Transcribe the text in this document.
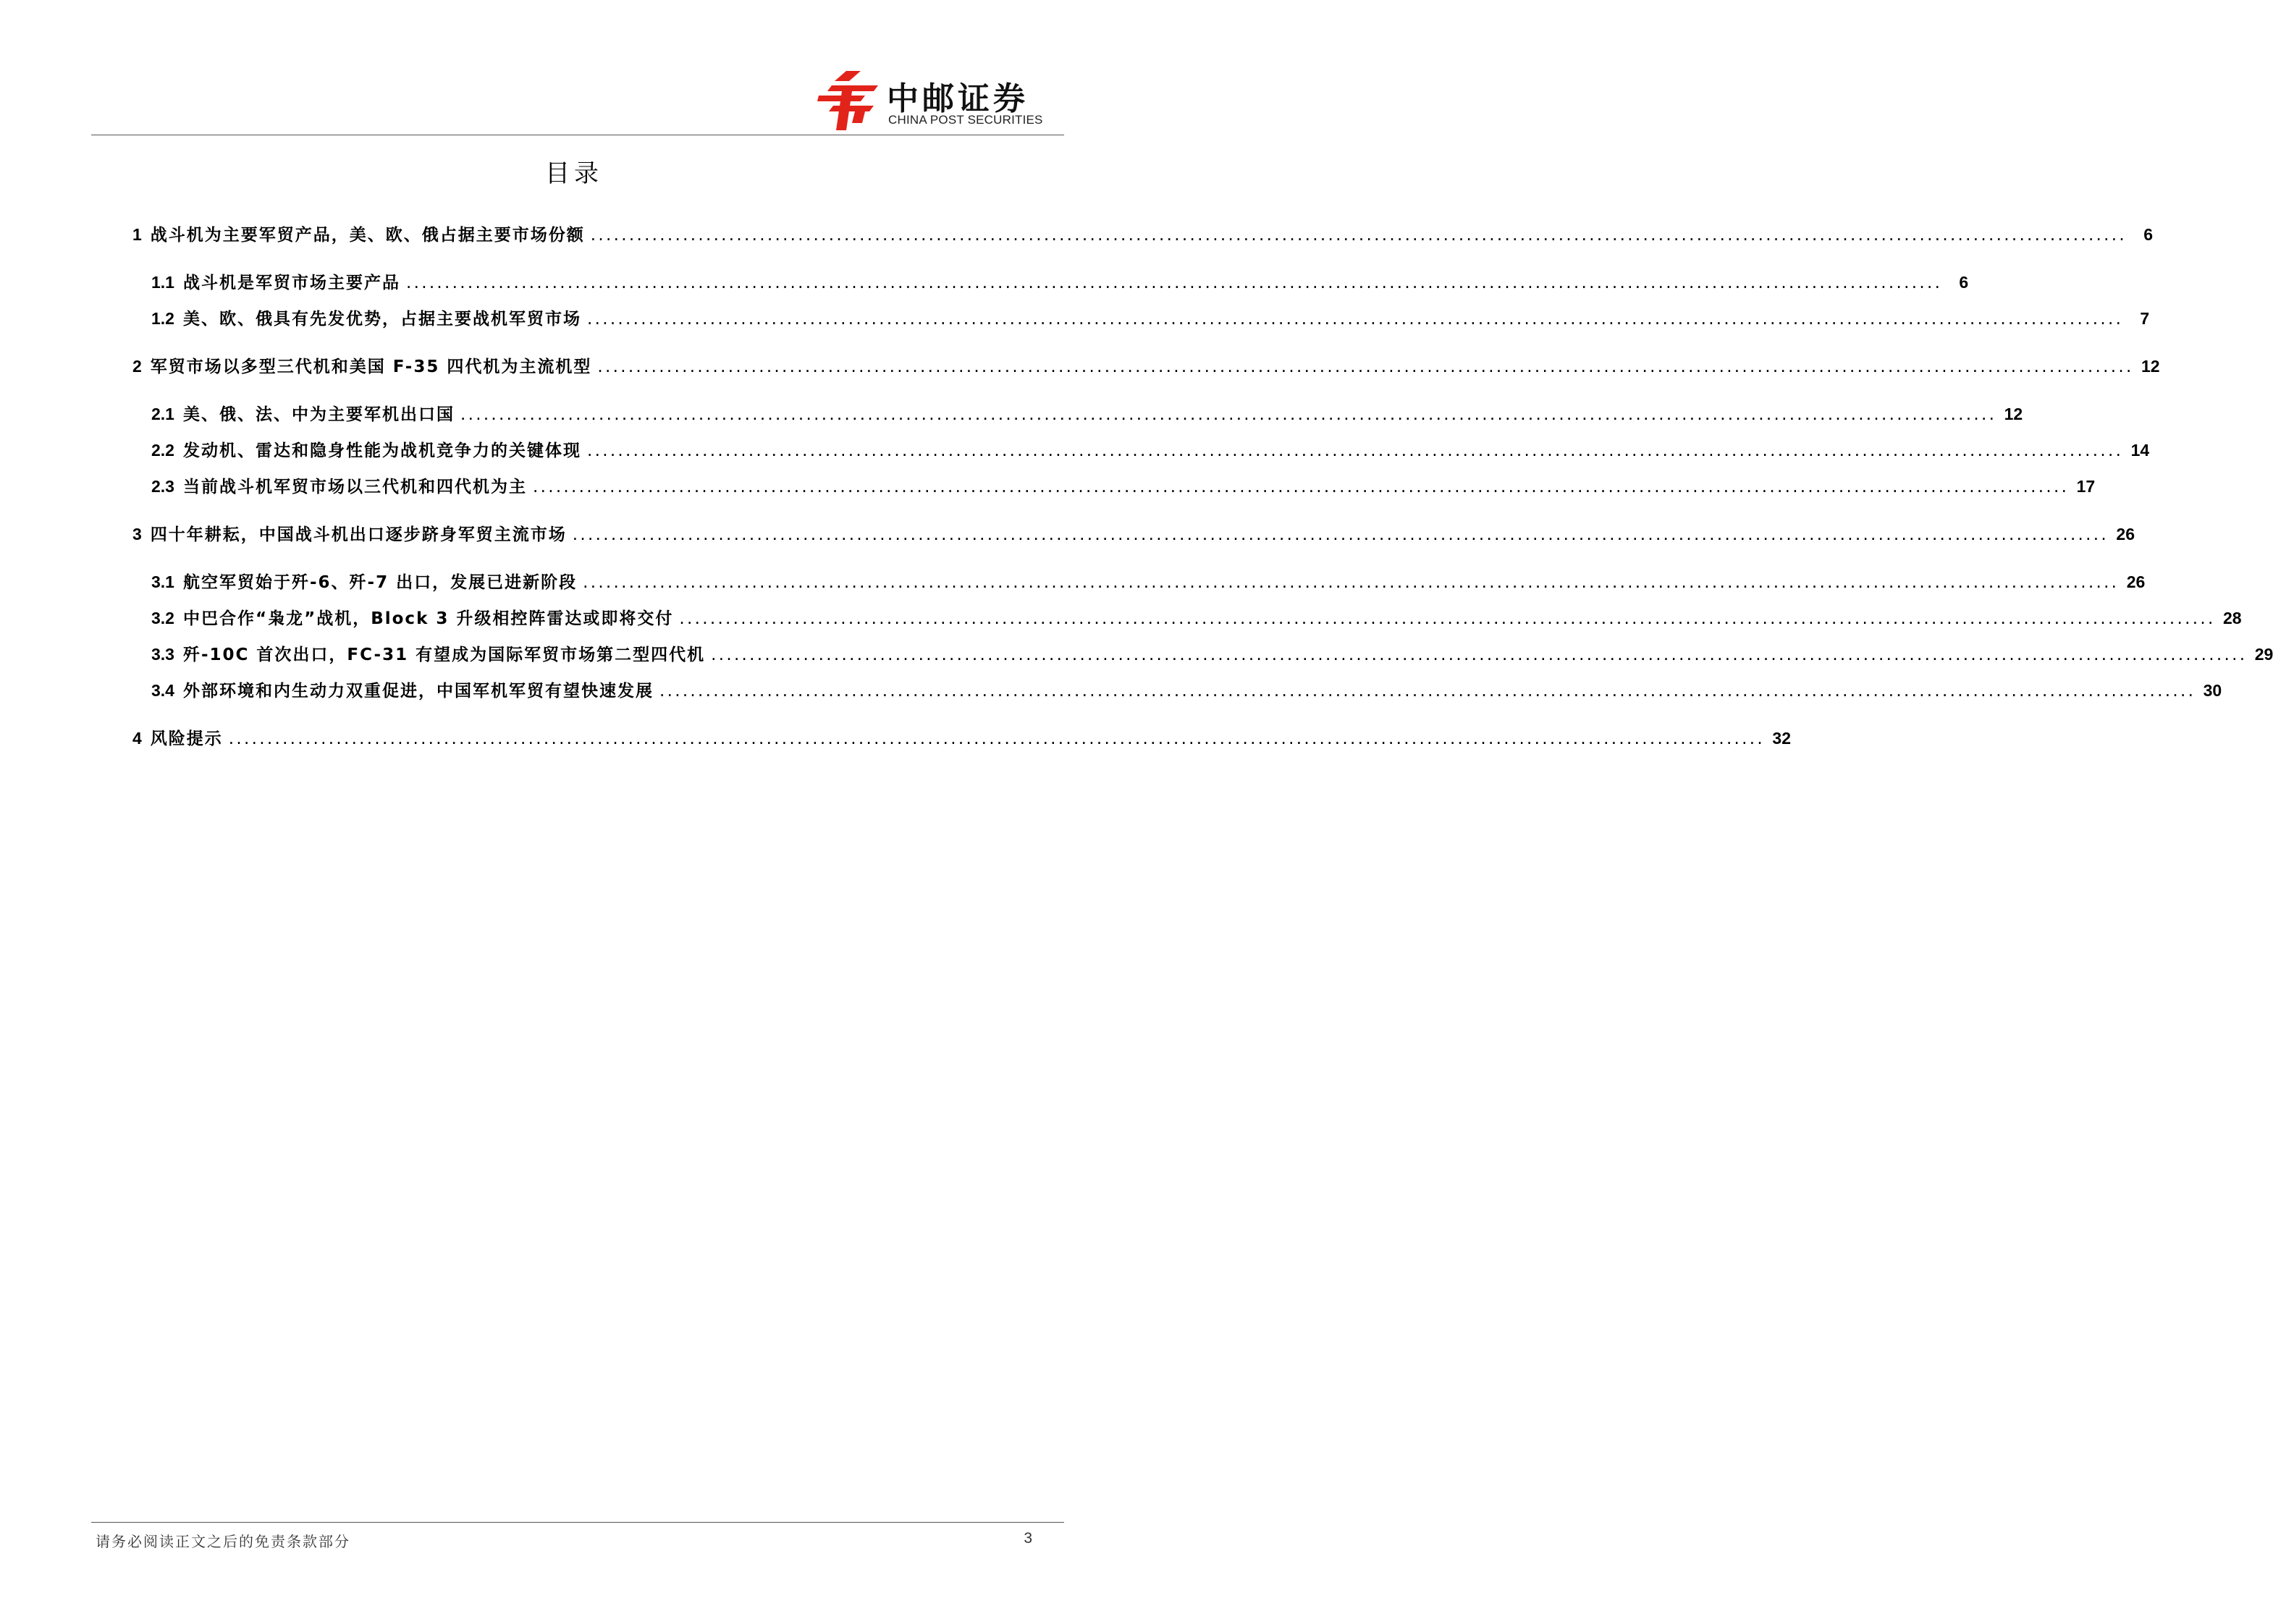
中邮证券
CHINA POST SECURITIES
目录
1 战斗机为主要军贸产品，美、欧、俄占据主要市场份额 ........................................................................................................................................................................................................	6
1.1 战斗机是军贸市场主要产品 ........................................................................................................................................................................................................	6
1.2 美、欧、俄具有先发优势，占据主要战机军贸市场 ........................................................................................................................................................................................................	7
2 军贸市场以多型三代机和美国 F-35 四代机为主流机型 ........................................................................................................................................................................................................ 12
2.1 美、俄、法、中为主要军机出口国 ........................................................................................................................................................................................................ 12
2.2 发动机、雷达和隐身性能为战机竞争力的关键体现 ........................................................................................................................................................................................................ 14
2.3 当前战斗机军贸市场以三代机和四代机为主 ........................................................................................................................................................................................................ 17
3 四十年耕耘，中国战斗机出口逐步跻身军贸主流市场 ........................................................................................................................................................................................................ 26
3.1 航空军贸始于歼-6、歼-7 出口，发展已进新阶段 ........................................................................................................................................................................................................ 26
3.2 中巴合作“枭龙”战机，Block 3 升级相控阵雷达或即将交付 ........................................................................................................................................................................................................ 28
3.3 歼-10C 首次出口，FC-31 有望成为国际军贸市场第二型四代机 ........................................................................................................................................................................................................ 29
3.4 外部环境和内生动力双重促进，中国军机军贸有望快速发展 ........................................................................................................................................................................................................ 30
4 风险提示 ........................................................................................................................................................................................................ 32
请务必阅读正文之后的免责条款部分	3
